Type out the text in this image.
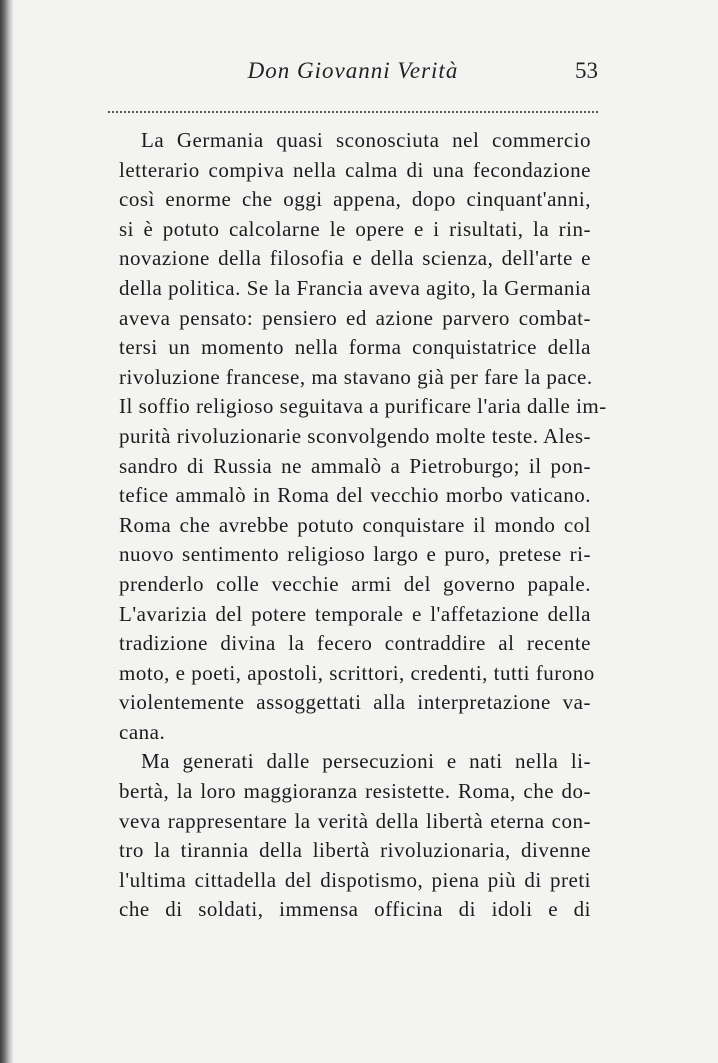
Don Giovanni Verità	53
La Germania quasi sconosciuta nel commercio
letterario compiva nella calma di una fecondazione
così enorme che oggi appena, dopo cinquant'anni,
si è potuto calcolarne le opere e i risultati, la rin-
novazione della filosofia e della scienza, dell'arte e
della politica. Se la Francia aveva agito, la Germania
aveva pensato: pensiero ed azione parvero combat-
tersi un momento nella forma conquistatrice della
rivoluzione francese, ma stavano già per fare la pace.
Il soffio religioso seguitava a purificare l'aria dalle im-
purità rivoluzionarie sconvolgendo molte teste. Ales-
sandro di Russia ne ammalò a Pietroburgo; il pon-
tefice ammalò in Roma del vecchio morbo vaticano.
Roma che avrebbe potuto conquistare il mondo col
nuovo sentimento religioso largo e puro, pretese ri-
prenderlo colle vecchie armi del governo papale.
L'avarizia del potere temporale e l'affetazione della
tradizione divina la fecero contraddire al recente
moto, e poeti, apostoli, scrittori, credenti, tutti furono
violentemente assoggettati alla interpretazione va-
cana.
Ma generati dalle persecuzioni e nati nella li-
bertà, la loro maggioranza resistette. Roma, che do-
veva rappresentare la verità della libertà eterna con-
tro la tirannia della libertà rivoluzionaria, divenne
l'ultima cittadella del dispotismo, piena più di preti
che di soldati, immensa officina di idoli e di
